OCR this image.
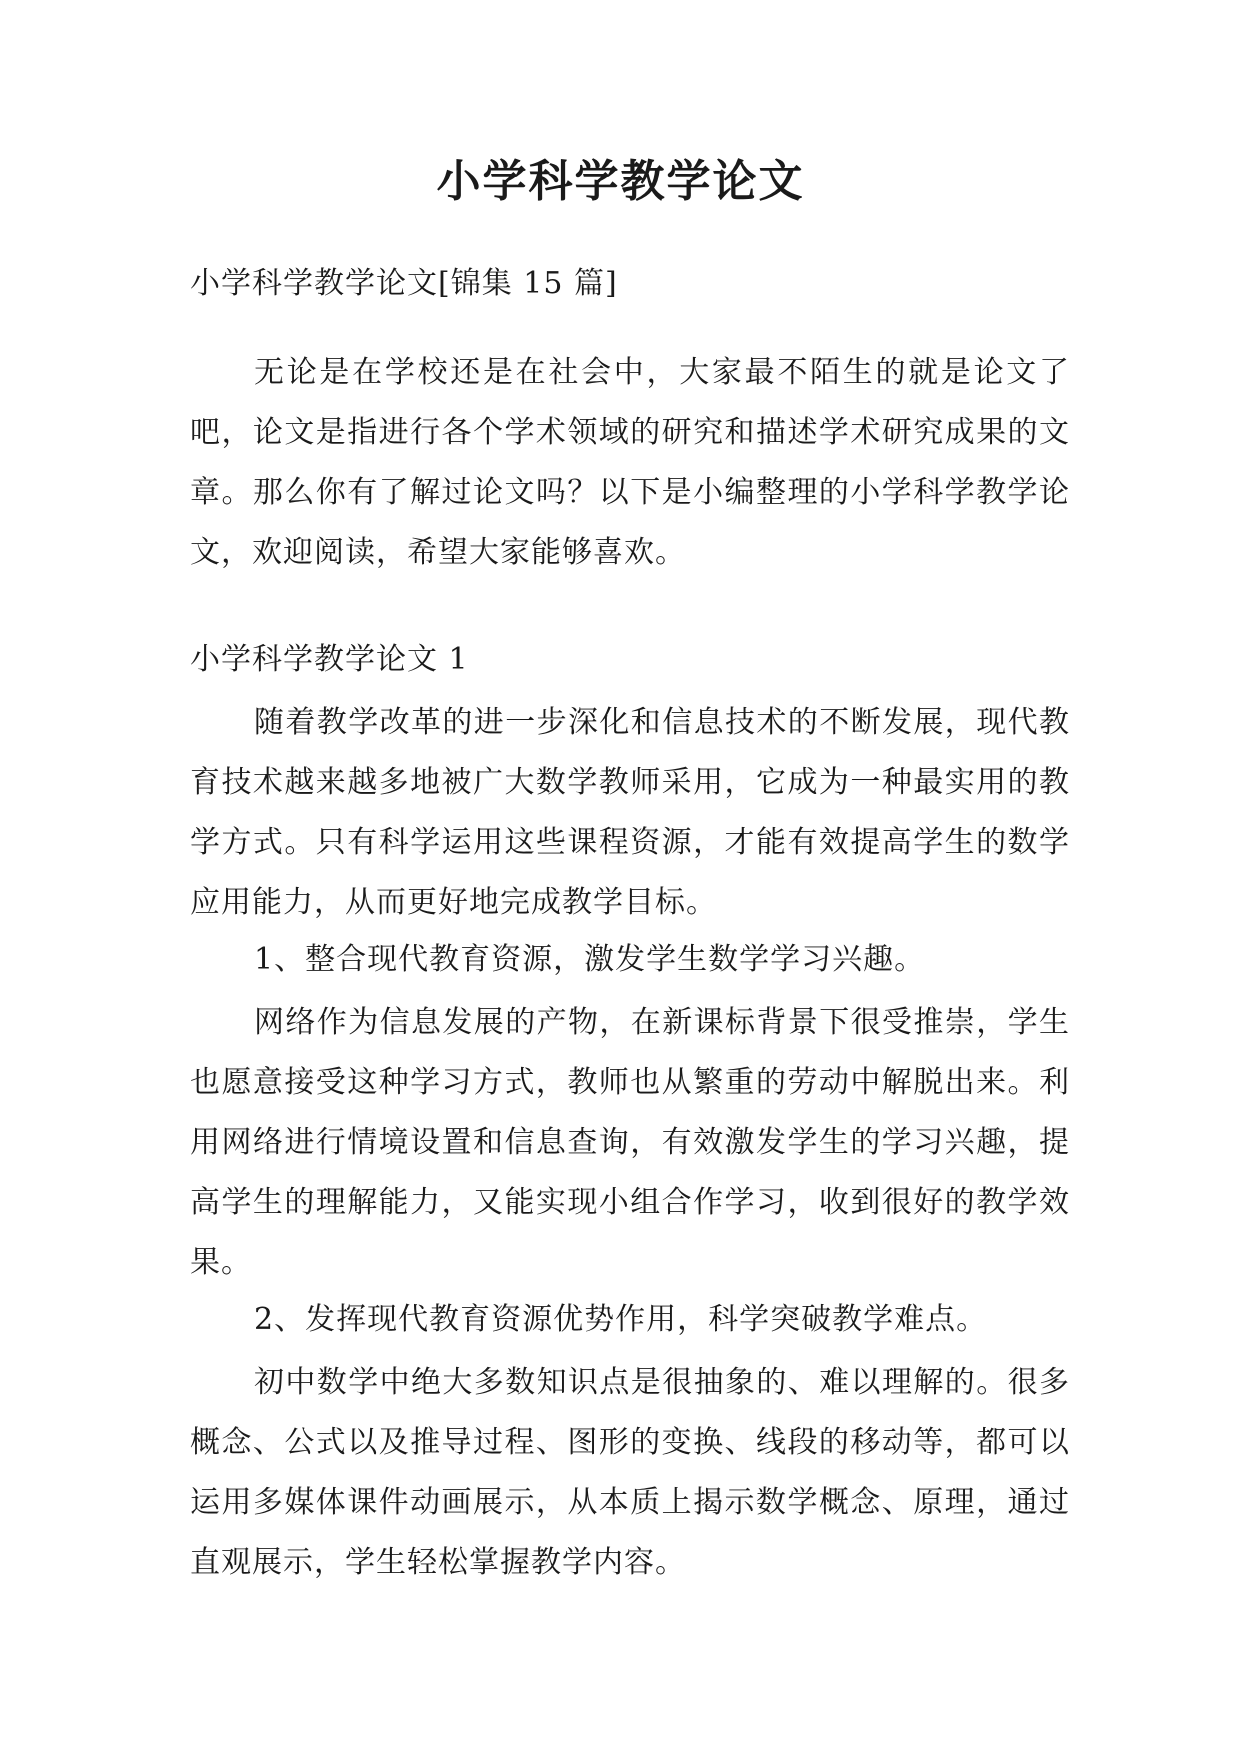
小学科学教学论文

小学科学教学论文[锦集 15 篇]

无论是在学校还是在社会中，大家最不陌生的就是论文了吧，论文是指进行各个学术领域的研究和描述学术研究成果的文章。那么你有了解过论文吗？以下是小编整理的小学科学教学论文，欢迎阅读，希望大家能够喜欢。

小学科学教学论文 1

随着教学改革的进一步深化和信息技术的不断发展，现代教育技术越来越多地被广大数学教师采用，它成为一种最实用的教学方式。只有科学运用这些课程资源，才能有效提高学生的数学应用能力，从而更好地完成教学目标。

1、整合现代教育资源，激发学生数学学习兴趣。

网络作为信息发展的产物，在新课标背景下很受推崇，学生也愿意接受这种学习方式，教师也从繁重的劳动中解脱出来。利用网络进行情境设置和信息查询，有效激发学生的学习兴趣，提高学生的理解能力，又能实现小组合作学习，收到很好的教学效果。

2、发挥现代教育资源优势作用，科学突破教学难点。

初中数学中绝大多数知识点是很抽象的、难以理解的。很多概念、公式以及推导过程、图形的变换、线段的移动等，都可以运用多媒体课件动画展示，从本质上揭示数学概念、原理，通过直观展示，学生轻松掌握教学内容。
